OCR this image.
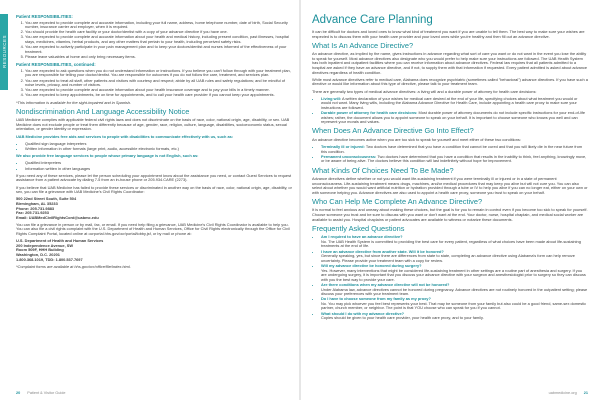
RESOURCES
Patient RESPONSIBILITIES:
1. You are expected to provide complete and accurate information, including your full name, address, home telephone number, date of birth, Social Security number, insurance carrier and employer, when it is required.
2. You should provide the health care facility or your doctor/dentist with a copy of your advance directive if you have one.
3. You are expected to provide complete and accurate information about your health and medical history, including present condition, past illnesses, hospital stays, medicines, vitamins, herbal products, and any other matters that pertain to your health, including perceived safety risks.
4. You are expected to actively participate in your pain management plan and to keep your doctors/dentist and nurses informed of the effectiveness of your treatment.
5. Please leave valuables at home and only bring necessary items.
Patient RESPONSIBILITIES, continued:
1. You are expected to ask questions when you do not understand information or instructions. If you believe you can't follow through with your treatment plan, you are responsible for telling your doctor/dentist. You are responsible for outcomes if you do not follow the care, treatment, and services plan.
2. You are expected to treat all staff, other patients and visitors with courtesy and respect; abide by all UAB rules and safety regulations; and be mindful of noise levels, privacy, and number of visitors.
3. You are expected to provide complete and accurate information about your health insurance coverage and to pay your bills in a timely manner.
4. You are expected to keep appointments, be on time for appointments, and to call your health care provider if you cannot keep your appointments.

*This information is available for the sight-impaired and in Spanish.

Nondiscrimination And Language Accessibility Notice

UAB Medicine complies with applicable federal civil rights laws and does not discriminate on the basis of race, color, national origin, age, disability, or sex. UAB Medicine does not exclude people or treat them differently because of age, gender, race, religion, culture, language, disabilities, socioeconomic status, sexual orientation, or gender identity or expression.

UAB Medicine provides free aids and services to people with disabilities to communicate effectively with us, such as:

• Qualified sign language interpreters
• Written information in other formats (large print, audio, accessible electronic formats, etc.)

We also provide free language services to people whose primary language is not English, such as:

• Qualified interpreters
• Information written in other languages

If you need any of these services, please let the person scheduling your appointment know about the assistance you need, or contact Guest Services to request assistance from a patient advocate by dialing 7-5 from an in-house phone or 205.934.CARE (2273).

If you believe that UAB Medicine has failed to provide these services or discriminated in another way on the basis of race, color, national origin, age, disability, or sex, you can file a grievance with UAB Medicine's Civil Rights Coordinator:

500 22nd Street South, Suite 504

Birmingham, AL 35233

Phone: 205.731.9883

Fax: 205.731.9253

Email: UABMedCivilRightsCord@uabmc.edu

You can file a grievance in person or by mail, fax, or email. If you need help filing a grievance, UAB Medicine's Civil Rights Coordinator is available to help you. You can also file a civil rights complaint with the U.S. Department of Health and Human Services, Office for Civil Rights electronically through the Office for Civil Rights Complaint Portal, located online at ocrportal.hhs.gov/ocr/portal/lobby.jsf, or by mail or phone at:

U.S. Department of Health and Human Services

200 Independence Avenue, SW

Room 509F, HHH Building

Washington, D.C. 20201

1.800.368.1019, TDD: 1.800.537.7697

*Complaint forms are available at hhs.gov/ocr/office/file/index.html.

Advance Care Planning

It can be difficult for doctors and loved ones to know what kind of treatment you want if you are unable to tell them. The best way to make sure your wishes are respected is to discuss them with your health care provider and your loved ones while you're healthy and then fill out an advance directive.

What Is An Advance Directive?

An advance directive, as implied by the name, gives instructions in advance regarding what sort of care you want or do not want in the event you lose the ability to speak for yourself. Most advance directives also designate who you would prefer to help make sure your instructions are followed. The UAB Health System has both inpatient and outpatient facilities where you can receive information about advance directives. Federal law requires that all patients admitted to a hospital are asked if they have an advance directive, and if not, to supply them with that information if requested. Every patient admitted is asked about advance directives regardless of health condition.

While most advance directives refer to medical care, Alabama does recognize psychiatric (sometimes called "behavioral") advance directives. If you have such a directive or would like information about this type of directive, please talk to your treatment team.

There are generally two types of medical advance directives: a living will and a durable power of attorney for health care decisions:

• Living will: A written declaration of your wishes for medical care desired at the end of your life, specifying choices about what treatment you would or would not want. Many living wills, including the Alabama Advance Directive for Health Care, include appointing a health care proxy to make sure your instructions are followed.
• Durable power of attorney for health care decisions: Most durable power of attorney documents do not include specific instructions for your end-of-life wishes; rather, the document allows you to appoint someone to speak on your behalf. It is important to choose someone who knows you well and can represent your morals and values.
When Does An Advance Directive Go Into Effect?

An advance directive becomes active when you are too sick to speak for yourself and meet either of these two conditions:

• Terminally ill or injured: Two doctors have determined that you have a condition that cannot be cured and that you will likely die in the near future from this condition.
• Permanent unconsciousness: Two doctors have determined that you have a condition that results in the inability to think, feel anything, knowingly move, or be aware of being alive. The doctors believe this condition will last indefinitely without hope for improvement.
What Kinds Of Choices Need To Be Made?

Advance directives define whether or not you would want life-sustaining treatment if you were terminally ill or injured or in a state of permanent unconsciousness. Life-sustaining treatment means drugs, machines, and/or medical procedures that may keep you alive but will not cure you. You can also select about whether you would want artificial nutrition or hydration provided through a tube or IV to help you alive if you can no longer eat, either on your own or with someone helping you. Advance directives are also used to appoint a health care proxy, someone you trust to speak on your behalf.

Who Can Help Me Complete An Advance Directive?

It is normal to feel anxious and uneasy about making these choices, but the goal is for you to remain in control even if you become too sick to speak for yourself. Choose someone you trust and be sure to discuss with you want or don't want at the end. Your doctor, nurse, hospital chaplain, and medical social worker are available to assist you. Hospital chaplains or patient advocates are available to witness or notarize these documents.

Frequently Asked Questions
• Am I required to have an advance directive?
No. The UAB Health System is committed to providing the best care for every patient, regardless of what choices have been made about life-sustaining treatments at the end of life.
• I have an advance directive from another state. Will it be honored?
Generally speaking, yes, but since there are differences from state to state, completing an advance directive using Alabama's form can help remove uncertainty. Please provide your treatment team with a copy for review.
• Will my advance directive be honored during surgery?
Yes. However, many interventions that might be considered life-sustaining treatment in other settings are a routine part of anesthesia and surgery. If you are undergoing surgery, it is important that you discuss your advance directive with your surgeon and anesthesiologist prior to surgery so they can discuss with you the best way to provide your care.
• Are there conditions when my advance directive will not be honored?
Under Alabama law, advance directives cannot be honored during pregnancy. Advance directives are not routinely honored in the outpatient setting; please discuss your preferences with your treatment team.
• Do I have to choose someone from my family as my proxy?
No. You may pick whoever you feel best represents your best. That may be someone from your family but also could be a good friend, same-sex domestic partner, church member, or neighbor. The point is that YOU choose who can speak for you if you cannot.
• What should I do with my advance directive?
Copies should be given to your health care provider, your health care proxy, and to your family.
20 Patient & Visitor Guide	uabmedicine.org 21
